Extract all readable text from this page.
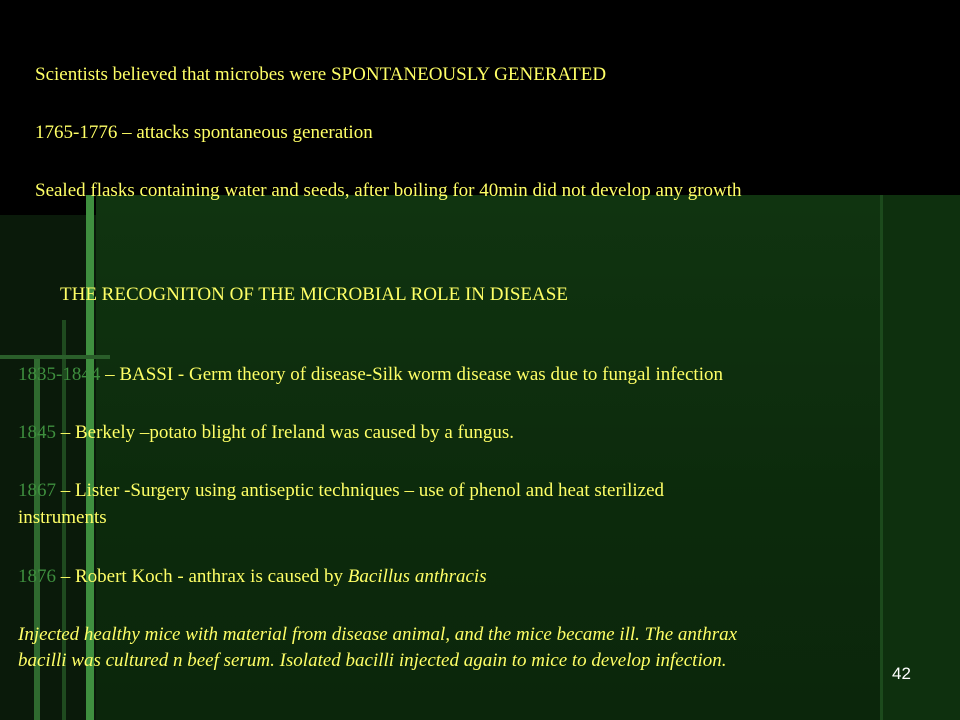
Scientists believed that microbes were SPONTANEOUSLY GENERATED

1765-1776 – attacks spontaneous generation

Sealed flasks containing water and seeds, after boiling for 40min did not develop any growth

THE RECOGNITON OF THE MICROBIAL ROLE IN DISEASE

1835-1844 – BASSI - Germ theory of disease-Silk worm disease was due to fungal infection

1845 – Berkely –potato blight of Ireland was caused by a fungus.

1867 – Lister -Surgery using antiseptic techniques – use of phenol and heat sterilized

instruments

1876 – Robert Koch - anthrax is caused by Bacillus anthracis

Injected healthy mice with material from disease animal, and the mice became ill. The anthrax

bacilli was cultured n beef serum. Isolated bacilli injected again to mice to develop infection.

42
